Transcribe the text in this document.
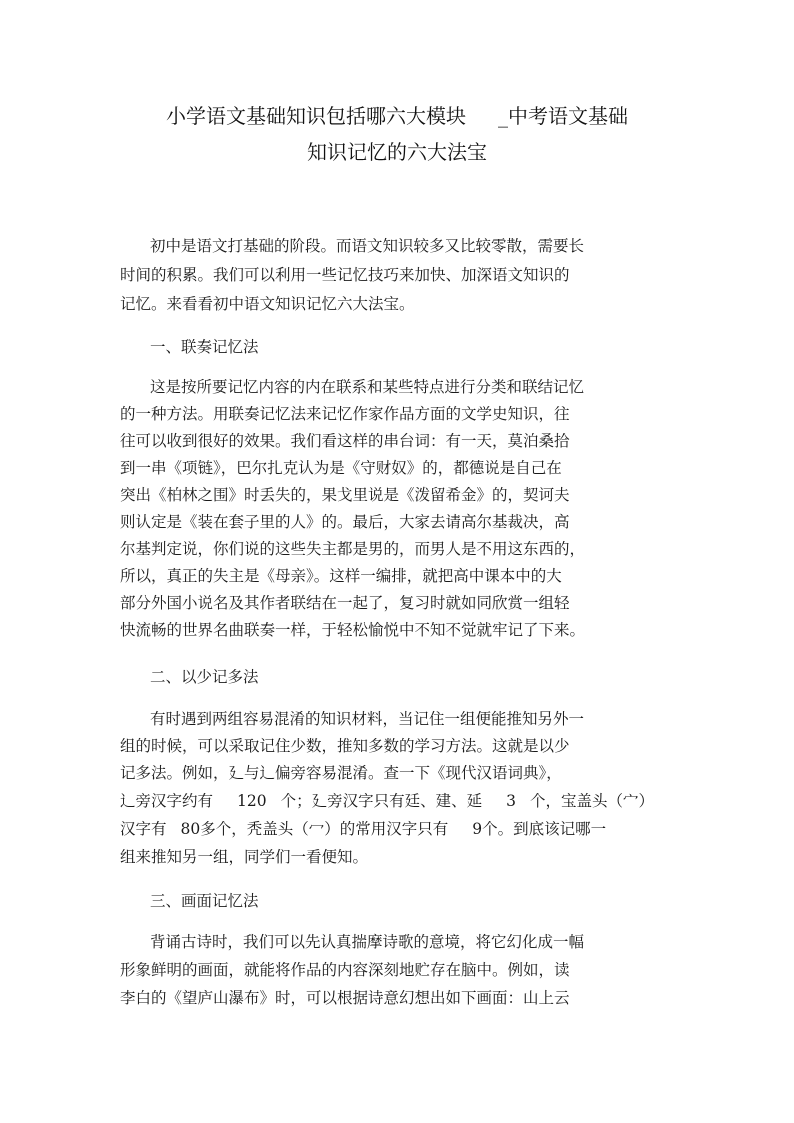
小学语文基础知识包括哪六大模块 _中考语文基础
知识记忆的六大法宝
初中是语文打基础的阶段。而语文知识较多又比较零散，需要长
时间的积累。我们可以利用一些记忆技巧来加快、加深语文知识的
记忆。来看看初中语文知识记忆六大法宝。
一、联奏记忆法
这是按所要记忆内容的内在联系和某些特点进行分类和联结记忆
的一种方法。用联奏记忆法来记忆作家作品方面的文学史知识，往
往可以收到很好的效果。我们看这样的串台词：有一天，莫泊桑拾
到一串《项链》，巴尔扎克认为是《守财奴》的，都德说是自己在
突出《柏林之围》时丢失的，果戈里说是《泼留希金》的，契诃夫
则认定是《装在套子里的人》的。最后，大家去请高尔基裁决，高
尔基判定说，你们说的这些失主都是男的，而男人是不用这东西的，
所以，真正的失主是《母亲》。这样一编排，就把高中课本中的大
部分外国小说名及其作者联结在一起了，复习时就如同欣赏一组轻
快流畅的世界名曲联奏一样，于轻松愉悦中不知不觉就牢记了下来。
二、以少记多法
有时遇到两组容易混淆的知识材料，当记住一组便能推知另外一
组的时候，可以采取记住少数，推知多数的学习方法。这就是以少
记多法。例如，廴与辶偏旁容易混淆。查一下《现代汉语词典》，
辶旁汉字约有 120 个；廴旁汉字只有廷、建、延 3 个，宝盖头（宀）
汉字有 80多个，秃盖头（冖）的常用汉字只有 9个。到底该记哪一
组来推知另一组，同学们一看便知。
三、画面记忆法
背诵古诗时，我们可以先认真揣摩诗歌的意境，将它幻化成一幅
形象鲜明的画面，就能将作品的内容深刻地贮存在脑中。例如，读
李白的《望庐山瀑布》时，可以根据诗意幻想出如下画面：山上云
